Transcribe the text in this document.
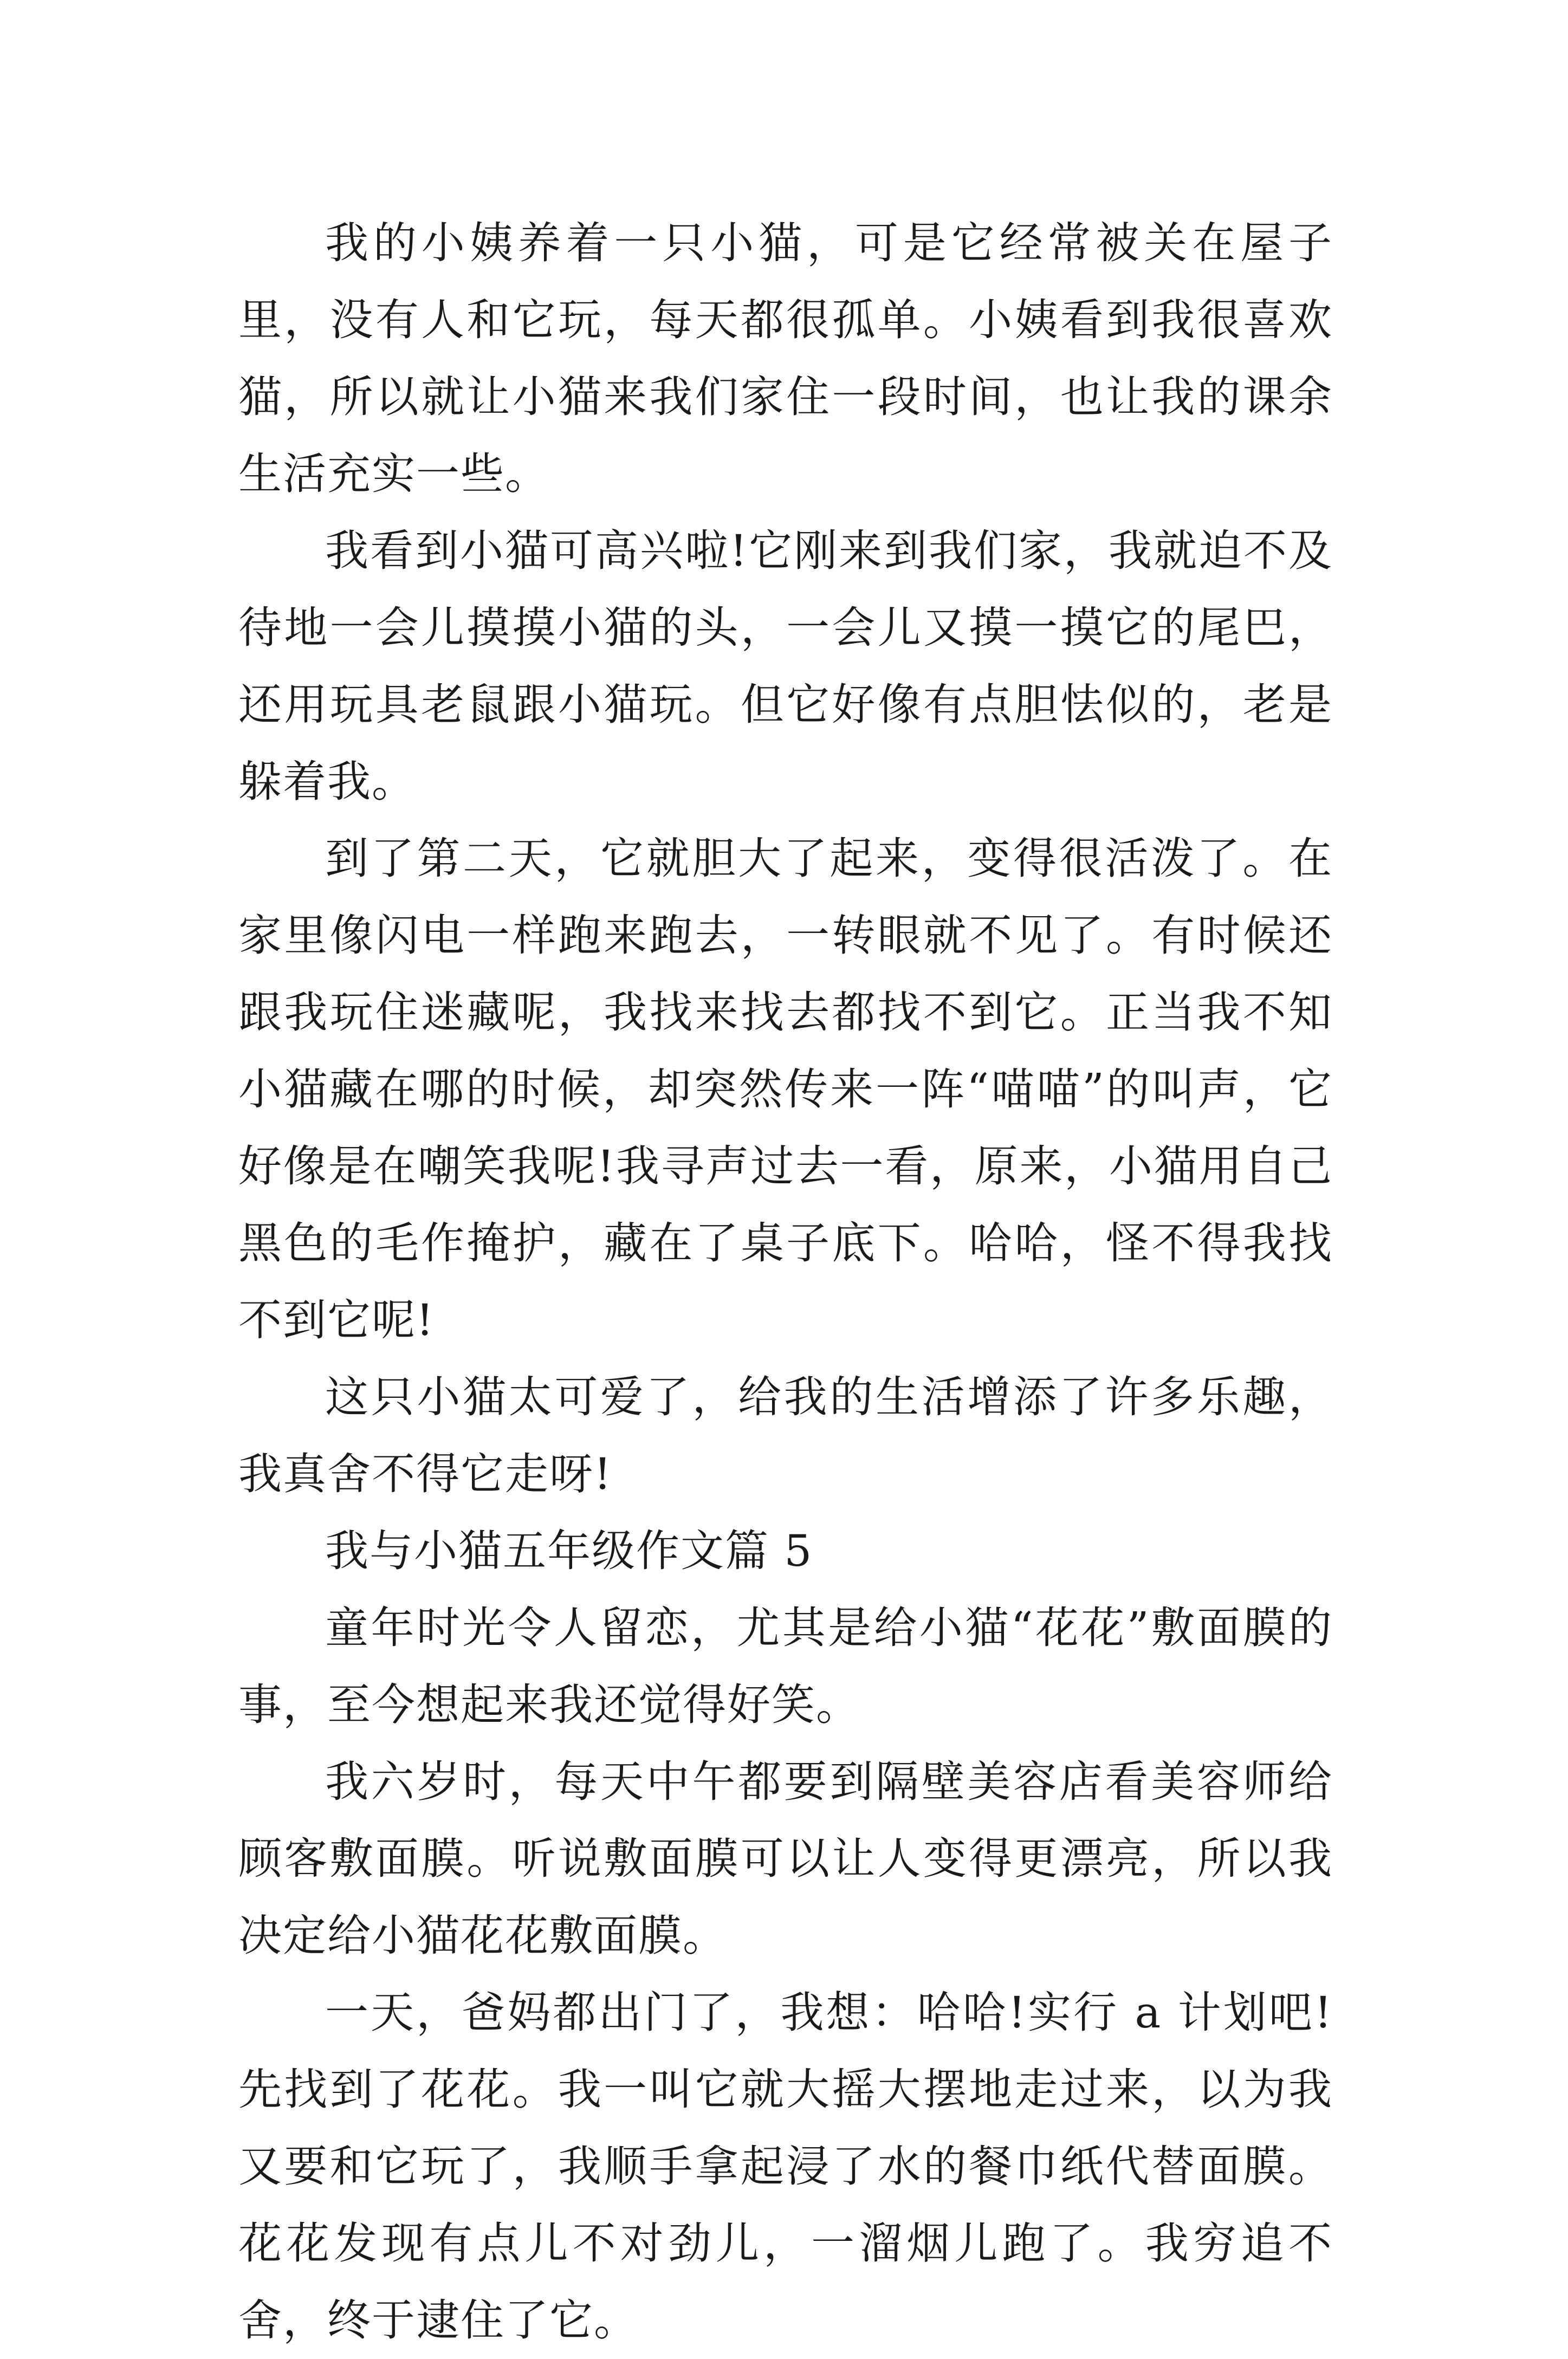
我的小姨养着一只小猫，可是它经常被关在屋子里，没有人和它玩，每天都很孤单。小姨看到我很喜欢猫，所以就让小猫来我们家住一段时间，也让我的课余生活充实一些。

我看到小猫可高兴啦!它刚来到我们家，我就迫不及待地一会儿摸摸小猫的头，一会儿又摸一摸它的尾巴，还用玩具老鼠跟小猫玩。但它好像有点胆怯似的，老是躲着我。

到了第二天，它就胆大了起来，变得很活泼了。在家里像闪电一样跑来跑去，一转眼就不见了。有时候还跟我玩住迷藏呢，我找来找去都找不到它。正当我不知小猫藏在哪的时候，却突然传来一阵“喵喵”的叫声，它好像是在嘲笑我呢!我寻声过去一看，原来，小猫用自己黑色的毛作掩护，藏在了桌子底下。哈哈，怪不得我找不到它呢!

这只小猫太可爱了，给我的生活增添了许多乐趣，我真舍不得它走呀!

我与小猫五年级作文篇 5

童年时光令人留恋，尤其是给小猫“花花”敷面膜的事，至今想起来我还觉得好笑。

我六岁时，每天中午都要到隔壁美容店看美容师给顾客敷面膜。听说敷面膜可以让人变得更漂亮，所以我决定给小猫花花敷面膜。

一天，爸妈都出门了，我想：哈哈!实行 a 计划吧!先找到了花花。我一叫它就大摇大摆地走过来，以为我又要和它玩了，我顺手拿起浸了水的餐巾纸代替面膜。花花发现有点儿不对劲儿，一溜烟儿跑了。我穷追不舍，终于逮住了它。
